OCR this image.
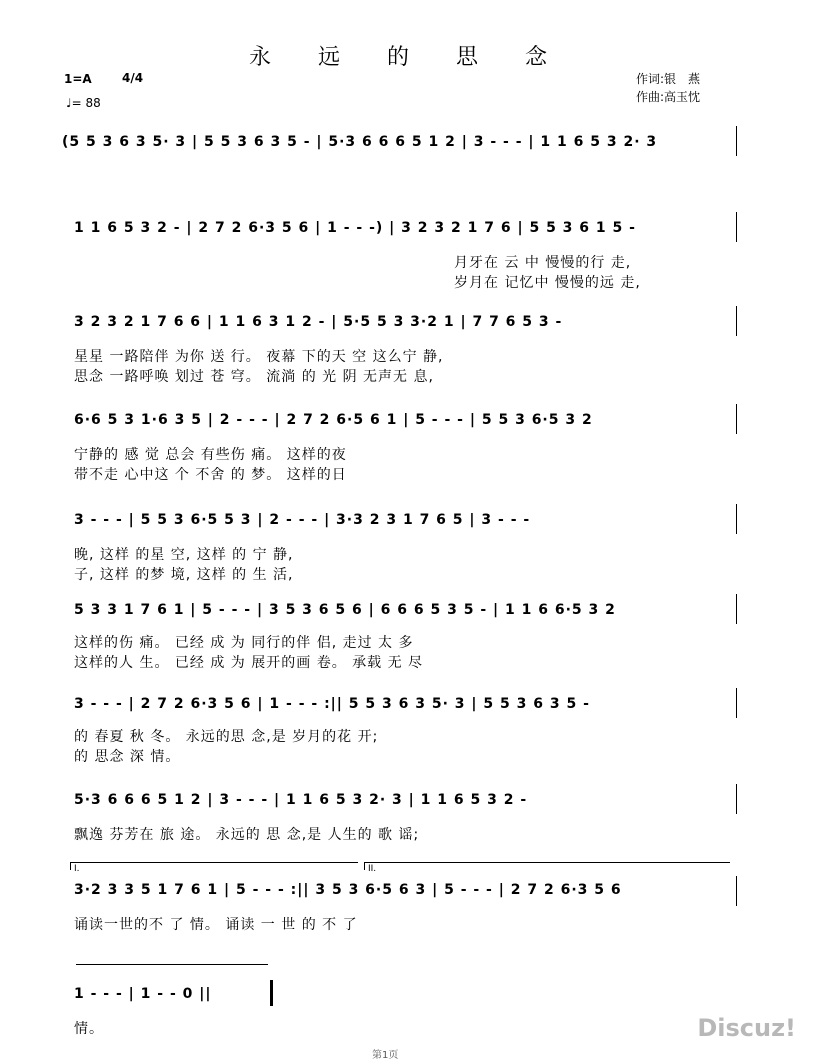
永 远 的 思 念
1=A	4/4
♩= 88
作词:银　燕
作曲:高玉忱
(5 5 3 6 3 5· 3 | 5 5 3 6 3 5 - | 5·3 6 6 6 5 1 2 | 3 - - - | 1 1 6 5 3 2· 3
1 1 6 5 3 2 - | 2 7 2 6·3 5 6 | 1 - - -) | 3 2 3 2 1 7 6 | 5 5 3 6 1 5 -
月牙在 云 中 慢慢的行 走,
岁月在 记忆中 慢慢的远 走,
3 2 3 2 1 7 6 6 | 1 1 6 3 1 2 - | 5·5 5 3 3·2 1 | 7 7 6 5 3 -
星星 一路陪伴 为你 送 行。 夜幕 下的天 空 这么宁 静,
思念 一路呼唤 划过 苍 穹。 流淌 的 光 阴 无声无 息,
6·6 5 3 1·6 3 5 | 2 - - - | 2 7 2 6·5 6 1 | 5 - - - | 5 5 3 6·5 3 2
宁静的 感 觉 总会 有些伤 痛。 这样的夜
带不走 心中这 个 不舍 的 梦。 这样的日
3 - - - | 5 5 3 6·5 5 3 | 2 - - - | 3·3 2 3 1 7 6 5 | 3 - - -
晚, 这样 的星 空, 这样 的 宁 静,
子, 这样 的梦 境, 这样 的 生 活,
5 3 3 1 7 6 1 | 5 - - - | 3 5 3 6 5 6 | 6 6 6 5 3 5 - | 1 1 6 6·5 3 2
这样的伤 痛。 已经 成 为 同行的伴 侣, 走过 太 多
这样的人 生。 已经 成 为 展开的画 卷。 承载 无 尽
3 - - - | 2 7 2 6·3 5 6 | 1 - - - :|| 5 5 3 6 3 5· 3 | 5 5 3 6 3 5 -
的 春夏 秋 冬。 永远的思 念,是 岁月的花 开;
的 思念 深 情。
5·3 6 6 6 5 1 2 | 3 - - - | 1 1 6 5 3 2· 3 | 1 1 6 5 3 2 -
飘逸 芬芳在 旅 途。 永远的 思 念,是 人生的 歌 谣;
I.	II.
3·2 3 3 5 1 7 6 1 | 5 - - - :|| 3 5 3 6·5 6 3 | 5 - - - | 2 7 2 6·3 5 6
诵读一世的不 了 情。 诵读 一 世 的 不 了
1 - - - | 1 - - 0 ||
情。	Discuz!
第1页
